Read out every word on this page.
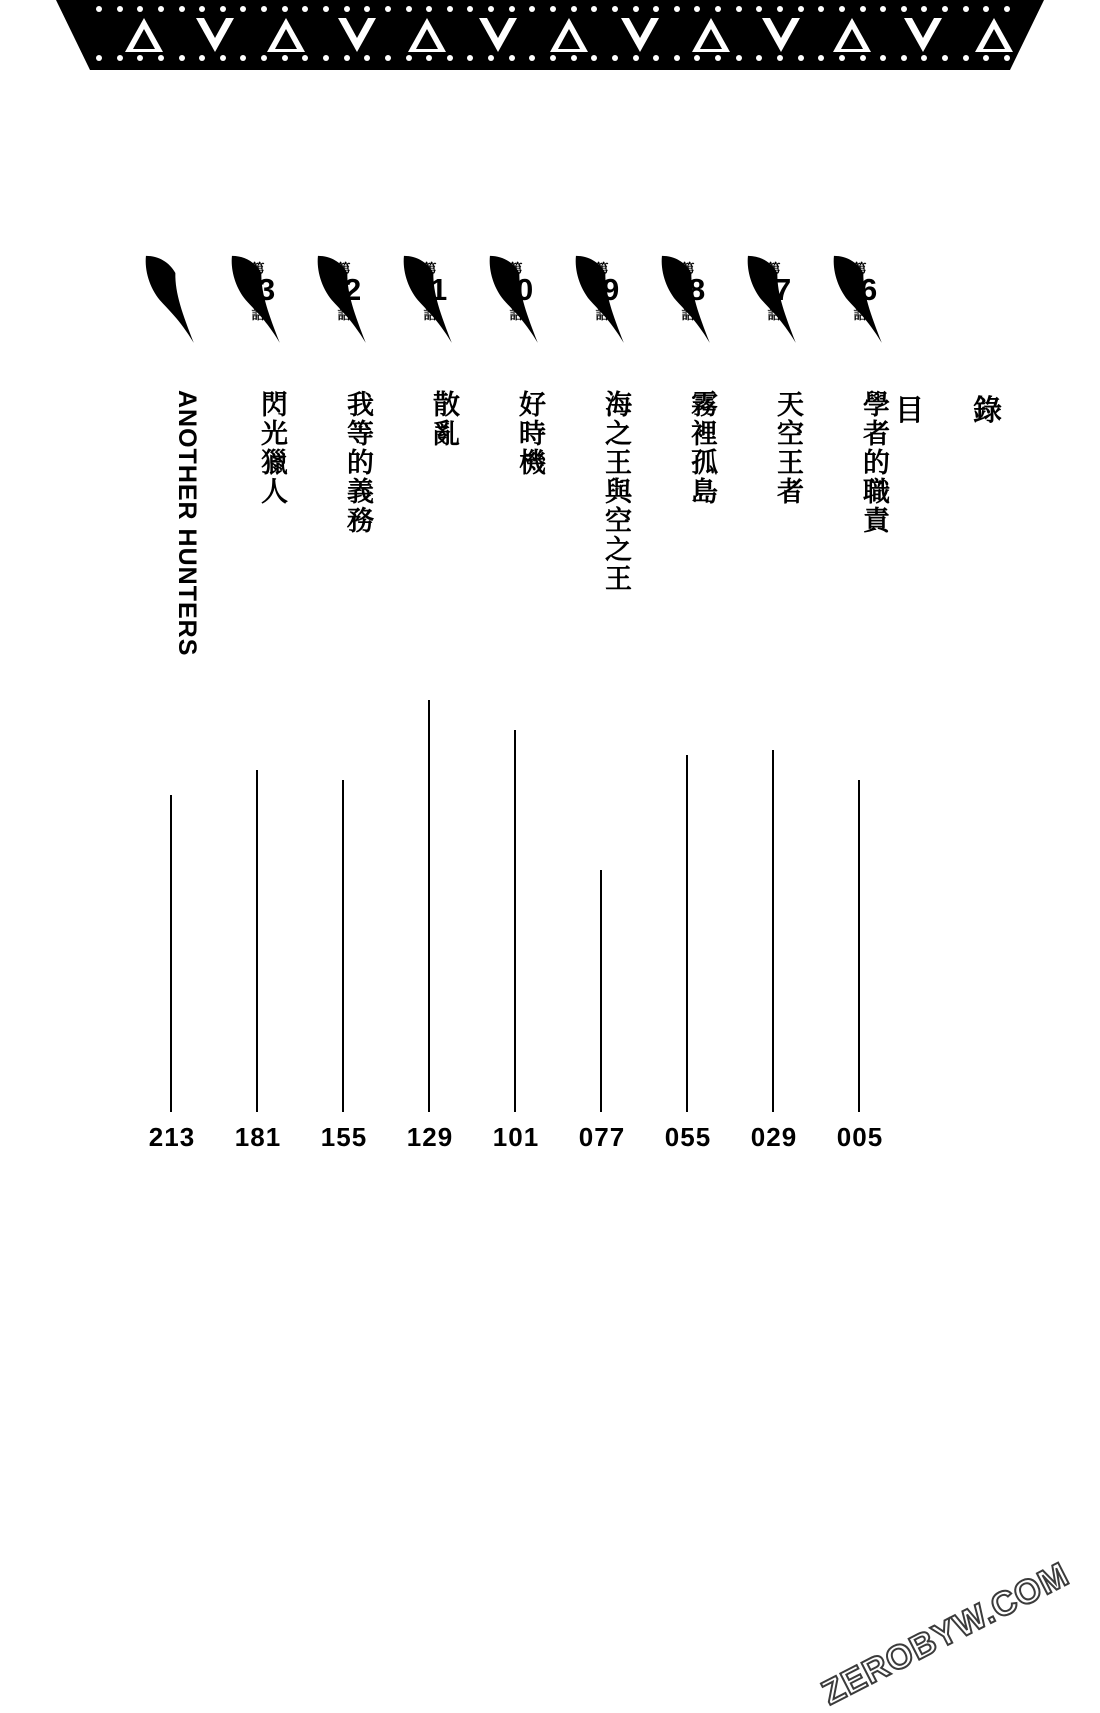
目　錄
第
56
話
學者的職責
005
第
57
話
天空王者
029
第
58
話
霧裡孤島
055
第
59
話
海之王與空之王
077
第
60
話
好時機
101
第
61
話
散亂
129
第
62
話
我等的義務
155
第
63
話
閃光獵人
181
ANOTHER HUNTERS
213
ZEROBYW.COM
